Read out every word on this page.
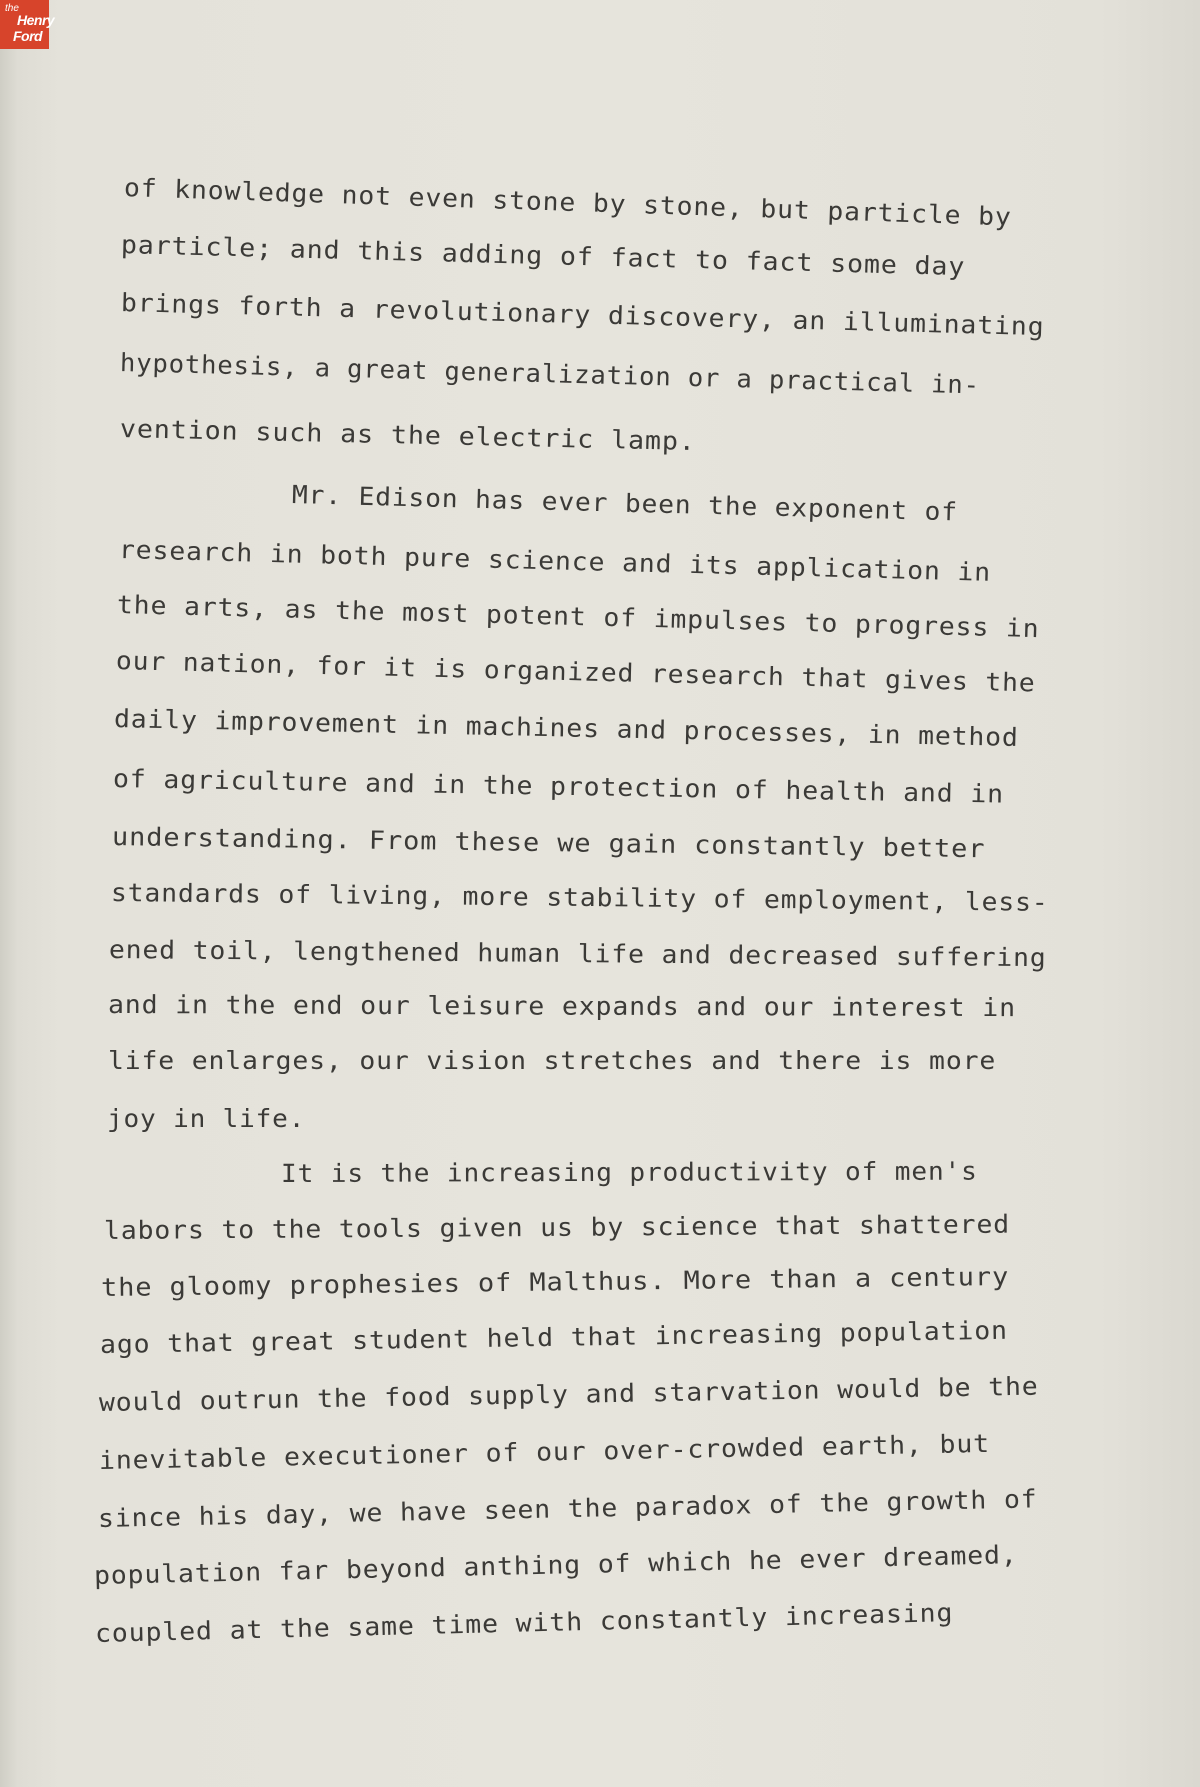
the
Henry
Ford
of knowledge not even stone by stone, but particle by
particle; and this adding of fact to fact some day
brings forth a revolutionary discovery, an illuminating
hypothesis, a great generalization or a practical in-
vention such as the electric lamp.
Mr. Edison has ever been the exponent of
research in both pure science and its application in
the arts, as the most potent of impulses to progress in
our nation, for it is organized research that gives the
daily improvement in machines and processes, in method
of agriculture and in the protection of health and in
understanding. From these we gain constantly better
standards of living, more stability of employment, less-
ened toil, lengthened human life and decreased suffering
and in the end our leisure expands and our interest in
life enlarges, our vision stretches and there is more
joy in life.
It is the increasing productivity of men's
labors to the tools given us by science that shattered
the gloomy prophesies of Malthus. More than a century
ago that great student held that increasing population
would outrun the food supply and starvation would be the
inevitable executioner of our over-crowded earth, but
since his day, we have seen the paradox of the growth of
population far beyond anthing of which he ever dreamed,
coupled at the same time with constantly increasing
